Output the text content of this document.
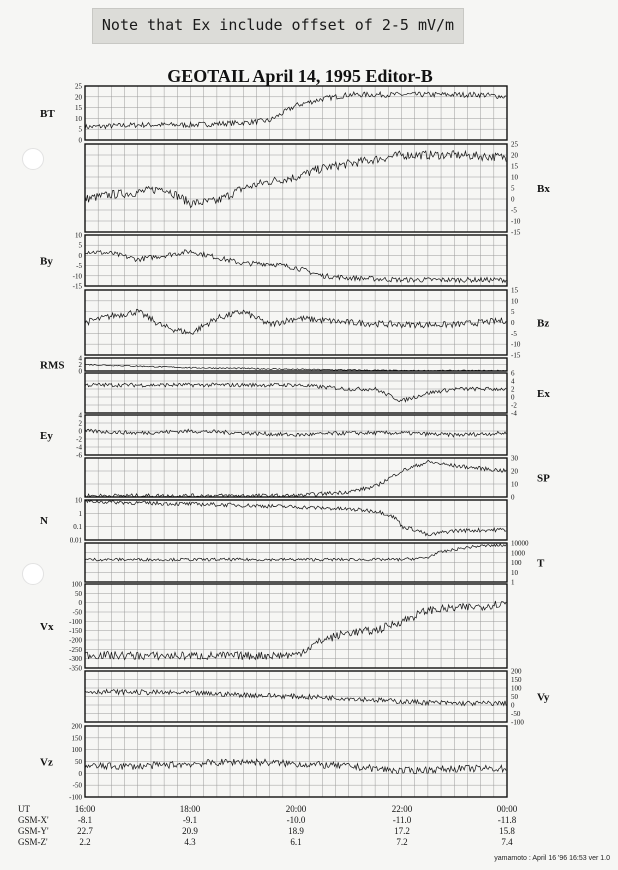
Note that Ex include offset of 2-5 mV/m
GEOTAIL April 14, 1995 Editor-B
0
5
10
15
20
25
BT
-15
-10
-5
0
5
10
15
20
25
Bx
-15
-10
-5
0
5
10
By
-15
-10
-5
0
5
10
15
Bz
0
2
4
RMS
-4
-2
0
2
4
6
Ex
-6
-4
-2
0
2
4
Ey
0
10
20
30
SP
0.01
0.1
1
10
N
1
10
100
1000
10000
T
-350
-300
-250
-200
-150
-100
-50
0
50
100
Vx
-100
-50
0
50
100
150
200
Vy
-100
-50
0
50
100
150
200
Vz
UT	16:00	18:00	20:00	22:00	00:00
GSM-X'	-8.1	-9.1	-10.0	-11.0	-11.8
GSM-Y'	22.7	20.9	18.9	17.2	15.8
GSM-Z'	2.2	4.3	6.1	7.2	7.4
yamamoto : April 16 '96 16:53 ver 1.0
